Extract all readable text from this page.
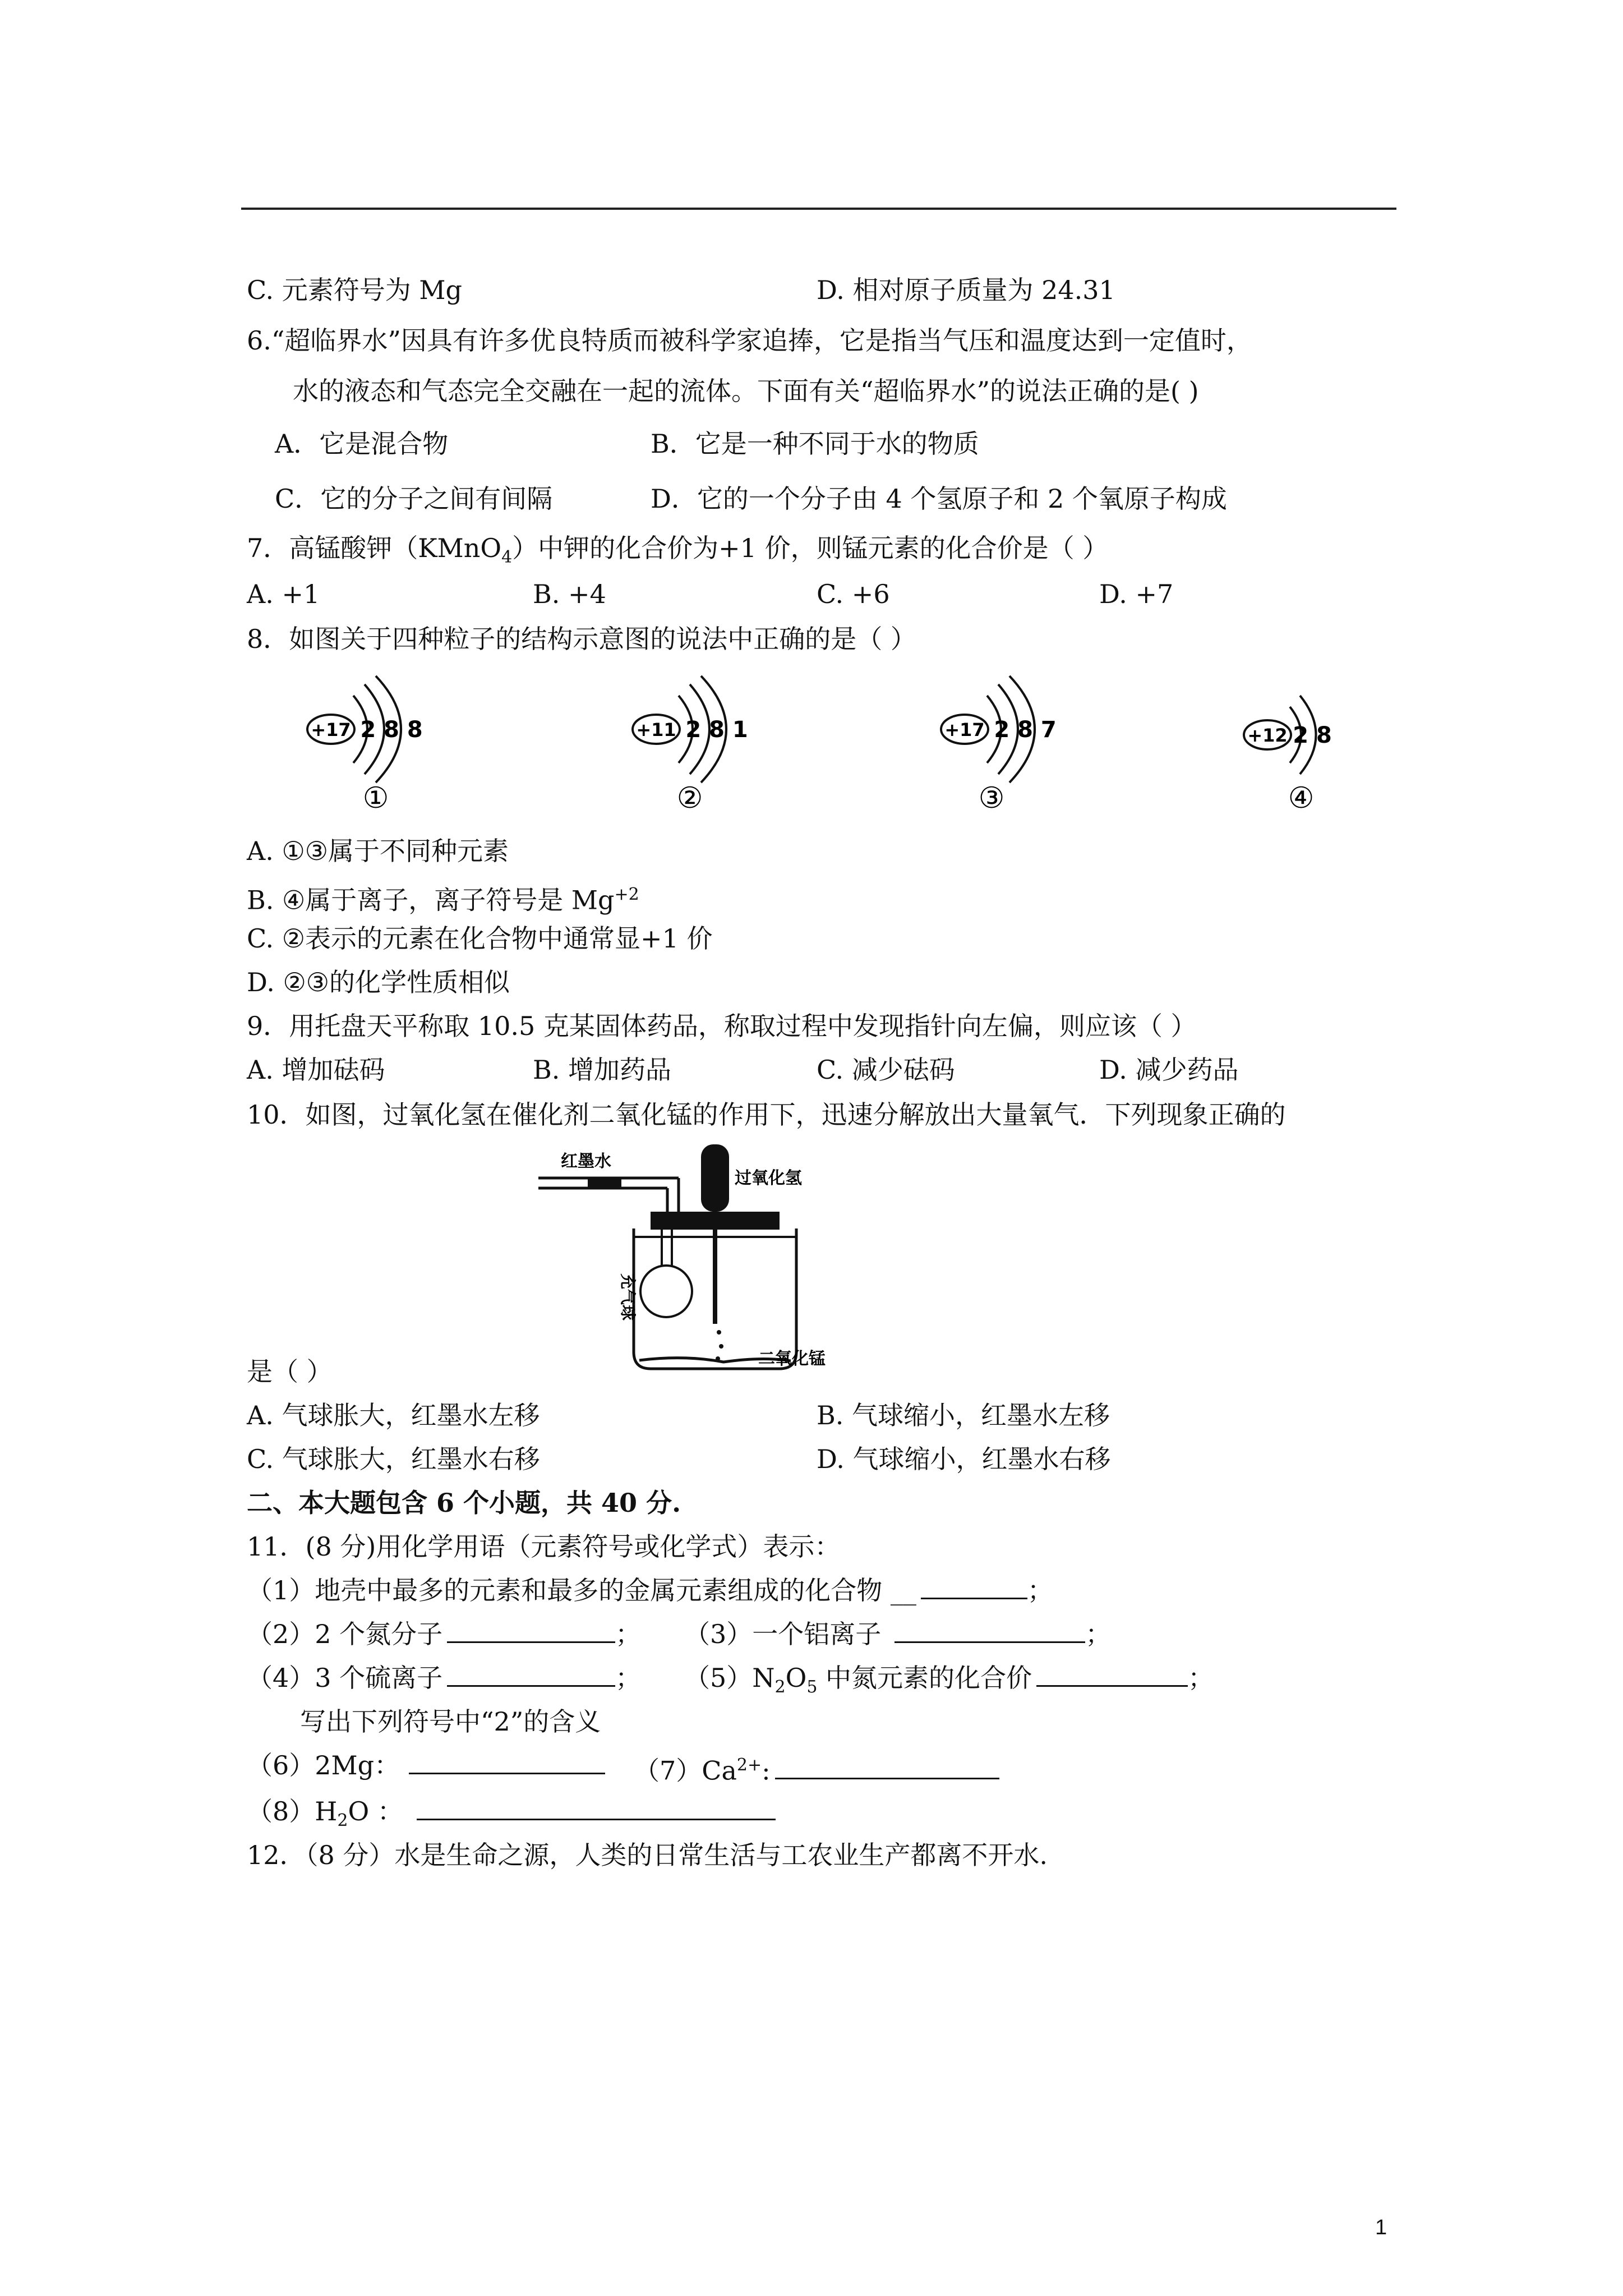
C. 元素符号为 Mg	D. 相对原子质量为 24.31
6.“超临界水”因具有许多优良特质而被科学家追捧，它是指当气压和温度达到一定值时，
水的液态和气态完全交融在一起的流体。下面有关“超临界水”的说法正确的是( )
A．它是混合物	B．它是一种不同于水的物质
C．它的分子之间有间隔	D．它的一个分子由 4 个氢原子和 2 个氧原子构成
7．高锰酸钾（KMnO$_4$）中钾的化合价为+1 价，则锰元素的化合价是（ ）
A. +1	B. +4	C. +6	D. +7
8．如图关于四种粒子的结构示意图的说法中正确的是（ ）
+17 2 8 8
①
+11 2 8 1
②
+17 2 8 7
③
+12 2 8
④
A. ①③属于不同种元素
B. ④属于离子，离子符号是 $Mg^{+2}$
C. ②表示的元素在化合物中通常显+1 价
D. ②③的化学性质相似
9．用托盘天平称取 10.5 克某固体药品，称取过程中发现指针向左偏，则应该（ ）
A. 增加砝码	B. 增加药品	C. 减少砝码	D. 减少药品
10．如图，过氧化氢在催化剂二氧化锰的作用下，迅速分解放出大量氧气．下列现象正确的
红墨水
过氧化氢
充气球
二氧化锰
是（ ）
A. 气球胀大，红墨水左移	B. 气球缩小，红墨水左移
C. 气球胀大，红墨水右移	D. 气球缩小，红墨水右移
二、本大题包含 6 个小题，共 40 分.
11．(8 分)用化学用语（元素符号或化学式）表示：
（1）地壳中最多的元素和最多的金属元素组成的化合物 __	；
（2）2 个氮分子	； （3）一个铝离子	；
（4）3 个硫离子	； $(5)N_2O_5$ 中氮元素的化合价	；
写出下列符号中“2”的含义
（6）2Mg：	$(7)Ca^{2+}$:
$(8)H_2O$ ：
12．（8 分）水是生命之源，人类的日常生活与工农业生产都离不开水.
1
